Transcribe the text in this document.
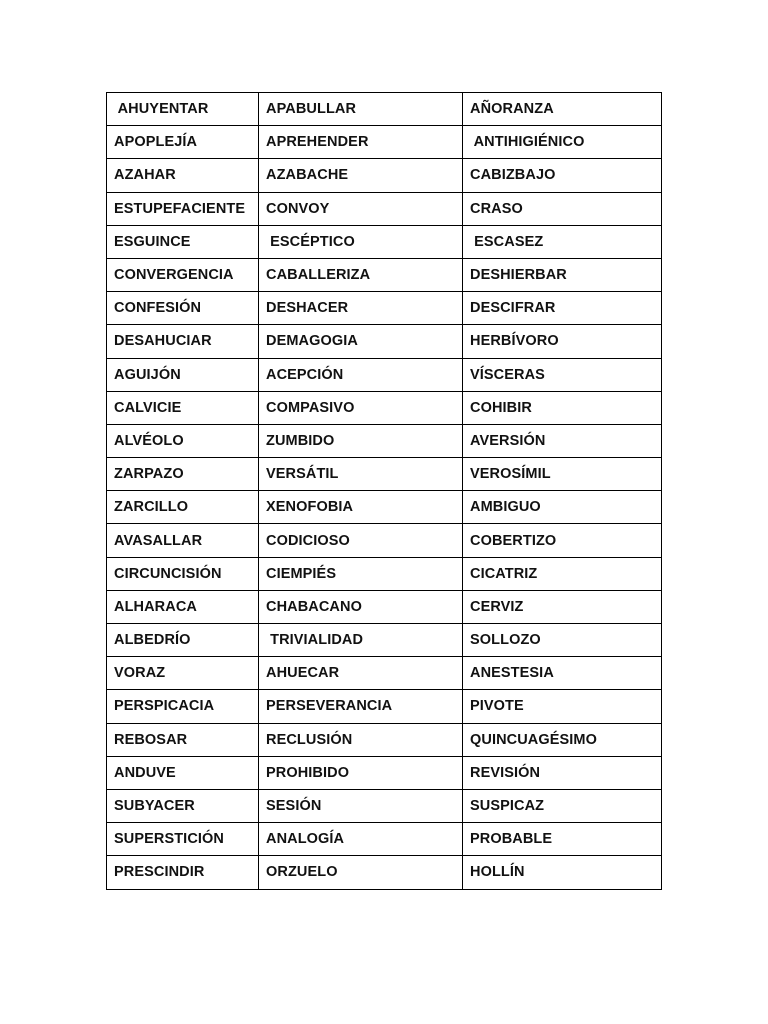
AHUYENTAR	APABULLAR	AÑORANZA
APOPLEJÍA	APREHENDER	ANTIHIGIÉNICO
AZAHAR	AZABACHE	CABIZBAJO
ESTUPEFACIENTE	CONVOY	CRASO
ESGUINCE	ESCÉPTICO	ESCASEZ
CONVERGENCIA	CABALLERIZA	DESHIERBAR
CONFESIÓN	DESHACER	DESCIFRAR
DESAHUCIAR	DEMAGOGIA	HERBÍVORO
AGUIJÓN	ACEPCIÓN	VÍSCERAS
CALVICIE	COMPASIVO	COHIBIR
ALVÉOLO	ZUMBIDO	AVERSIÓN
ZARPAZO	VERSÁTIL	VEROSÍMIL
ZARCILLO	XENOFOBIA	AMBIGUO
AVASALLAR	CODICIOSO	COBERTIZO
CIRCUNCISIÓN	CIEMPIÉS	CICATRIZ
ALHARACA	CHABACANO	CERVIZ
ALBEDRÍO	TRIVIALIDAD	SOLLOZO
VORAZ	AHUECAR	ANESTESIA
PERSPICACIA	PERSEVERANCIA	PIVOTE
REBOSAR	RECLUSIÓN	QUINCUAGÉSIMO
ANDUVE	PROHIBIDO	REVISIÓN
SUBYACER	SESIÓN	SUSPICAZ
SUPERSTICIÓN	ANALOGÍA	PROBABLE
PRESCINDIR	ORZUELO	HOLLÍN
